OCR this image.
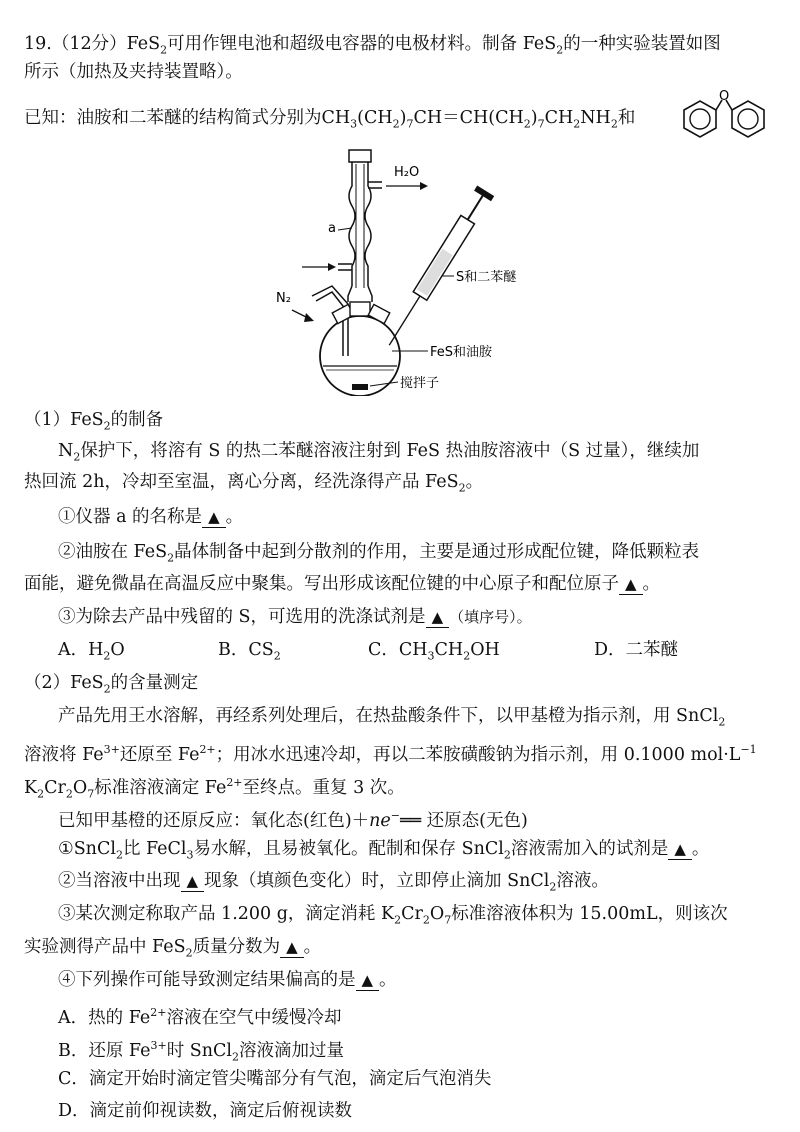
19.（12分）FeS$_2$可用作锂电池和超级电容器的电极材料。制备 FeS$_2$的一种实验装置如图
所示（加热及夹持装置略）。
已知：油胺和二苯醚的结构简式分别为$CH_3(CH_2)_7CH=CH(CH_2)_7CH_2NH_2$和
O
H₂O
a
S和二苯醚
N₂
FeS和油胺
搅拌子
（1）FeS$_2$的制备
$N_2$保护下，将溶有 S 的热二苯醚溶液注射到 FeS 热油胺溶液中（S 过量），继续加
热回流 2h，冷却至室温，离心分离，经洗涤得产品 FeS$_2$。
①仪器 a 的名称是 ▲ 。
②油胺在 FeS$_2$晶体制备中起到分散剂的作用，主要是通过形成配位键，降低颗粒表
面能，避免微晶在高温反应中聚集。写出形成该配位键的中心原子和配位原子 ▲ 。
③为除去产品中残留的 S，可选用的洗涤试剂是 ▲ （填序号）。
A．$H_2O$	B．$CS_2$	C．$CH_3CH_2OH$	D．二苯醚
（2）FeS$_2$的含量测定
产品先用王水溶解，再经系列处理后，在热盐酸条件下，以甲基橙为指示剂，用 SnCl$_2$
溶液将 $Fe^{3+}$还原至 $Fe^{2+}$；用冰水迅速冷却，再以二苯胺磺酸钠为指示剂，用 0.1000 $mol\cdot L^{-1}$
$K_2Cr_2O_7$标准溶液滴定 $Fe^{2+}$至终点。重复 3 次。
已知甲基橙的还原反应：氧化态(红色)＋ne−══ 还原态(无色)
①SnCl$_2$比 FeCl$_3$易水解，且易被氧化。配制和保存 SnCl$_2$溶液需加入的试剂是 ▲ 。
②当溶液中出现 ▲ 现象（填颜色变化）时，立即停止滴加 SnCl$_2$溶液。
③某次测定称取产品 1.200 g，滴定消耗 $K_2Cr_2O_7$标准溶液体积为 15.00mL，则该次
实验测得产品中 FeS$_2$质量分数为 ▲ 。
④下列操作可能导致测定结果偏高的是 ▲ 。
A．热的 $Fe^{2+}$溶液在空气中缓慢冷却
B．还原 $Fe^{3+}$时 SnCl$_2$溶液滴加过量
C．滴定开始时滴定管尖嘴部分有气泡，滴定后气泡消失
D．滴定前仰视读数，滴定后俯视读数
